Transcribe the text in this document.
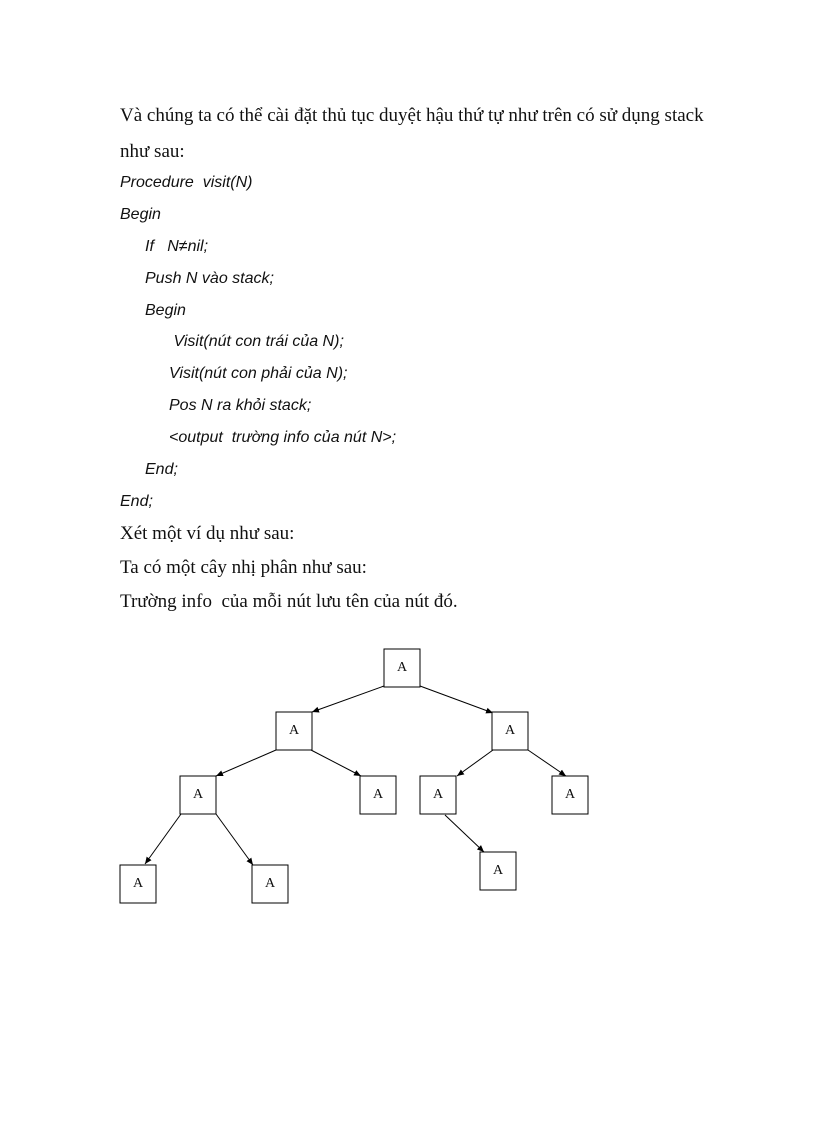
Và chúng ta có thể cài đặt thủ tục duyệt hậu thứ tự như trên có sử dụng stack
như sau:
Procedure  visit(N)
Begin
If   N≠nil;
Push N vào stack;
Begin
Visit(nút con trái của N);
Visit(nút con phải của N);
Pos N ra khỏi stack;
<output  trường info của nút N>;
End;
End;
Xét một ví dụ như sau:
Ta có một cây nhị phân như sau:
Trường info  của mỗi nút lưu tên của nút đó.
A
A	A
A	A	A	A
A	A
A
